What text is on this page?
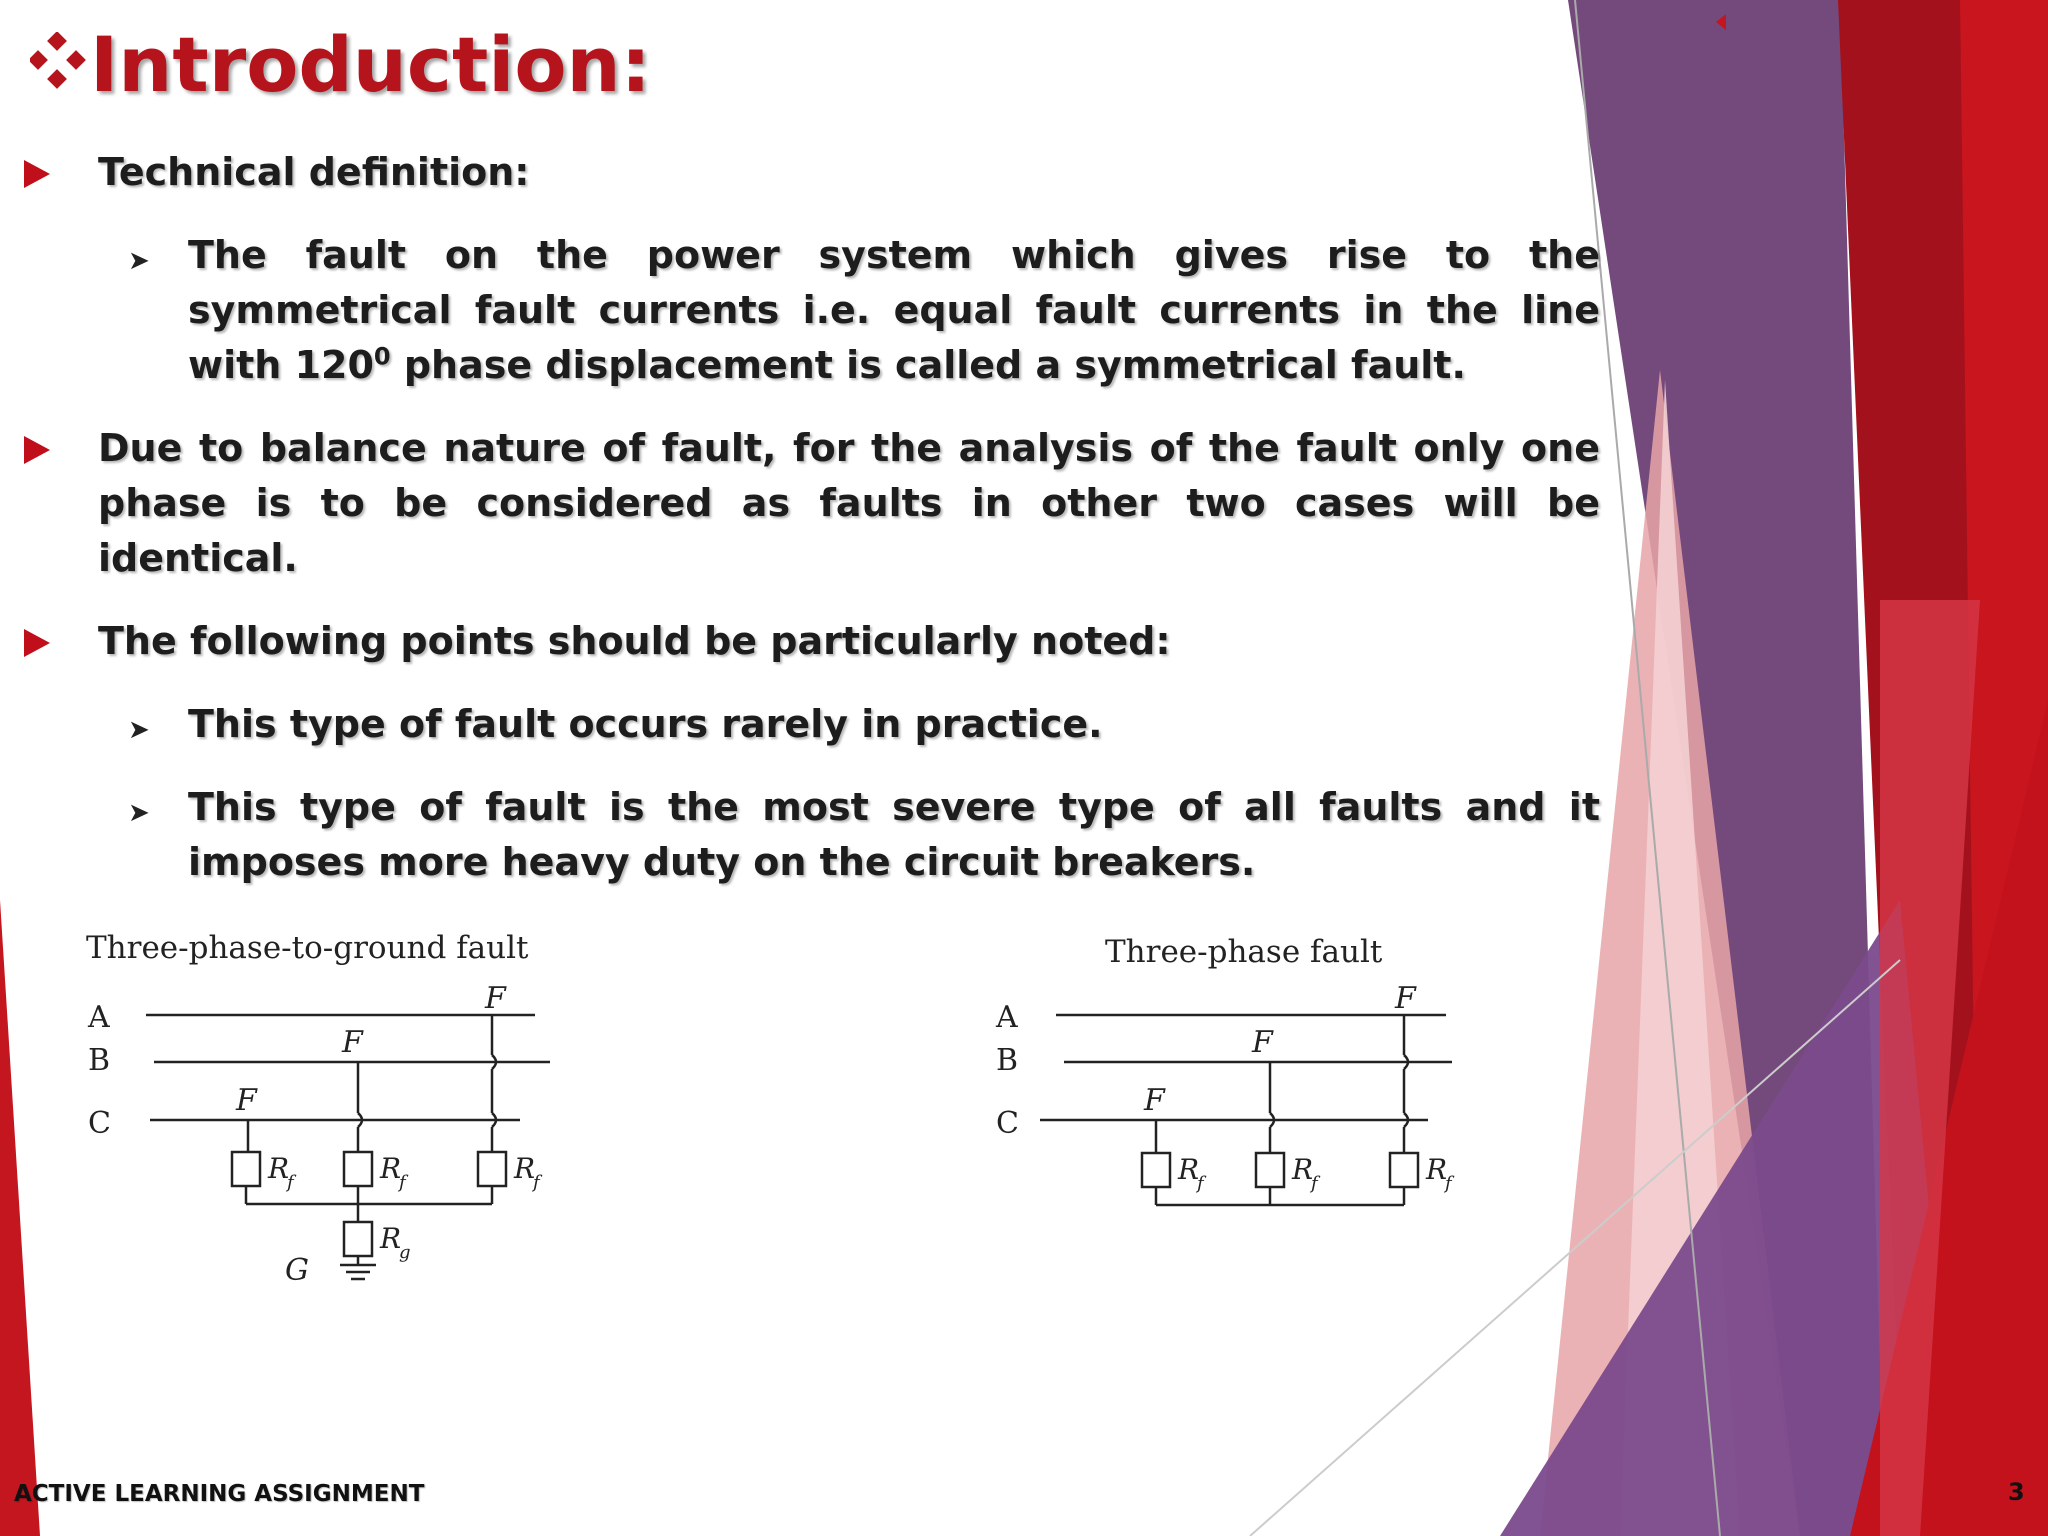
Introduction:
Technical definition:
➤ The fault on the power system which gives rise to the symmetrical fault currents i.e. equal fault currents in the line with $120^0$ phase displacement is called a symmetrical fault.
Due to balance nature of fault, for the analysis of the fault only one phase is to be considered as faults in other two cases will be identical.
The following points should be particularly noted:
➤ This type of fault occurs rarely in practice.
➤ This type of fault is the most severe type of all faults and it imposes more heavy duty on the circuit breakers.
Three-phase-to-ground fault
A
B
C
F
F
F
R
f	R
f	R
f
R
g
G
Three-phase fault
A
B
C
F
F
F
R
f	R
f	R
f
ACTIVE LEARNING ASSIGNMENT	3
